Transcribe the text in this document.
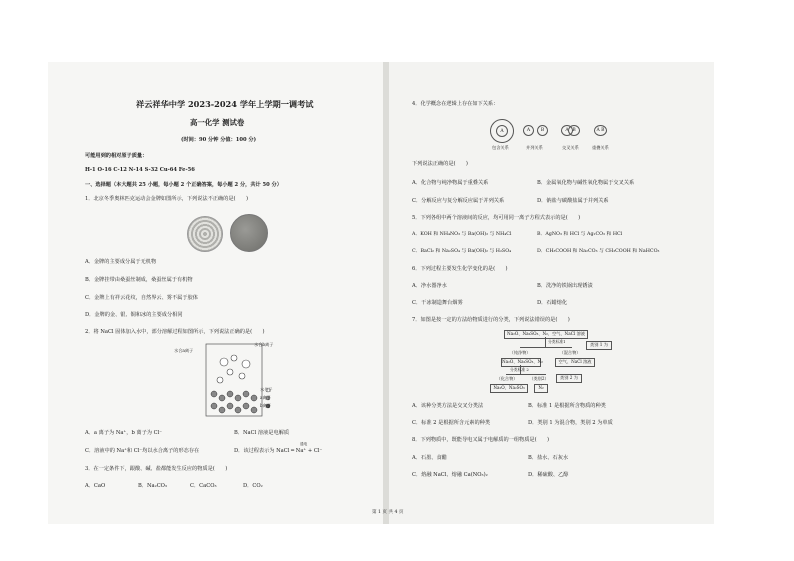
祥云祥华中学 2023-2024 学年上学期一调考试
高一化学 测试卷
(时间：90 分钟 分值：100 分)
可能用到的相对原子质量：
H-1 O-16 C-12 N-14 S-32 Cu-64 Fe-56
一、选择题（本大题共 25 小题，每小题 2 个正确答案，每小题 2 分，共计 50 分）
1．北京冬季奥林匹克运动会金牌如图所示，下列说法不正确的是(　　)
A．金牌的主要成分属于无机物
B．金牌挂带由桑蚕丝制成，桑蚕丝属于有机物
C．金牌上有祥云花纹，自然界云、雾不属于胶体
D．金牌的金、银、铜和冰的主要成分相同
2．将 NaCl 固体加入水中，部分溶解过程如图所示，下列说法正确的是(　　)
水合a离子
水合b离子
水分子
a离子
b离子
A．a 离子为 Na⁺，b 离子为 Cl⁻	B．NaCl 溶液是电解质
C．溶液中的 Na⁺和 Cl⁻均以水合离子的形态存在	D．该过程表示为 NaCl ═ Na⁺ + Cl⁻
通电
3．在一定条件下，跟酸、碱、盐都能发生反应的物质是(　　)
A．CaO	B．Na₂CO₃	C．CaCO₃	D．CO₂
4．化学概念在逻辑上存在如下关系：
A	A	B	A B	A B
包含关系	并列关系	交叉关系	重叠关系
下列说法正确的是(　　)
A．化合物与纯净物属于重叠关系	B．金属氧化物与碱性氧化物属于交叉关系
C．分解反应与复分解反应属于并列关系	D．钠盐与碳酸盐属于并列关系
5．下列各组中两个溶液间的反应，均可用同一离子方程式表示的是(　　)
A．KOH 和 NH₄NO₃ 与 Ba(OH)₂ 与 NH₄Cl	B．AgNO₃ 和 HCl 与 Ag₂CO₃ 和 HCl
C．BaCl₂ 和 Na₂SO₄ 与 Ba(OH)₂ 与 H₂SO₄	D．CH₃COOH 和 Na₂CO₃ 与 CH₃COOH 和 NaHCO₃
6．下列过程主要发生化学变化的是(　　)
A．净水器净水	B．洗净的铁锅出现锈渍
C．干冰制造舞台烟雾	D．石蜡熔化
7．如图是按一定的方法给物质进行的分类，下列说法错误的是(　　)
Na₂O、Na₂SO₃、N₂、空气、NaCl 溶液
分类标准1
（纯净物）	（混合物）
类别 1 为
Na₂O、Na₂SO₃、N₂	空气、NaCl 溶液
分类标准 2
（化合物）	（类别2）	类别 2 为
Na₂O、Na₂SO₃	N₂
A．该种分类方法是交叉分类法	B．标准 1 是根据所含物质的种类
C．标准 2 是根据所含元素的种类	D．类别 1 为混合物，类别 2 为单质
8．下列物质中，既能导电又属于电解质的一组物质是(　　)
A．石墨、食醋	B．盐水、石灰水
C．熔融 NaCl、熔融 Ca(NO₃)₂	D．稀硫酸、乙醇
第 1 页 共 4 页
